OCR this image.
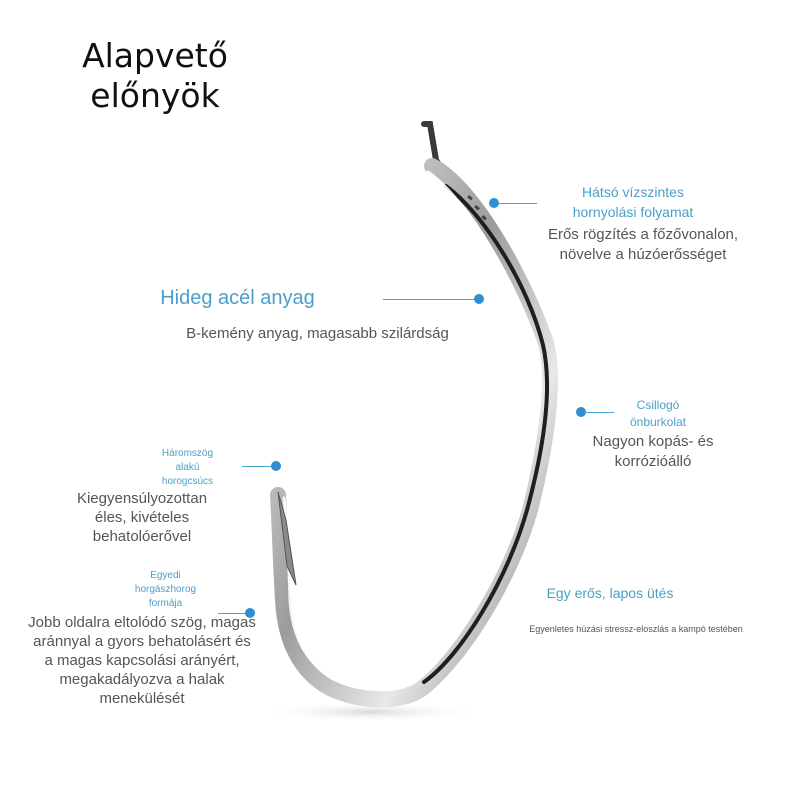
Alapvető
előnyök
Hátsó vízszintes
hornyolási folyamat
Erős rögzítés a főzővonalon,
növelve a húzóerősséget
Hideg acél anyag
B-kemény anyag, magasabb szilárdság
Csillogó
önburkolat
Nagyon kopás- és
korrózióálló
Háromszög
alakú
horogcsúcs
Kiegyensúlyozottan
éles, kivételes
behatolóerővel
Egyedi
horgászhorog
formája
Jobb oldalra eltolódó szög, magas
aránnyal a gyors behatolásért és
a magas kapcsolási arányért,
megakadályozva a halak
menekülését
Egy erős, lapos ütés
Egyenletes húzási stressz-eloszlás a kampó testében
